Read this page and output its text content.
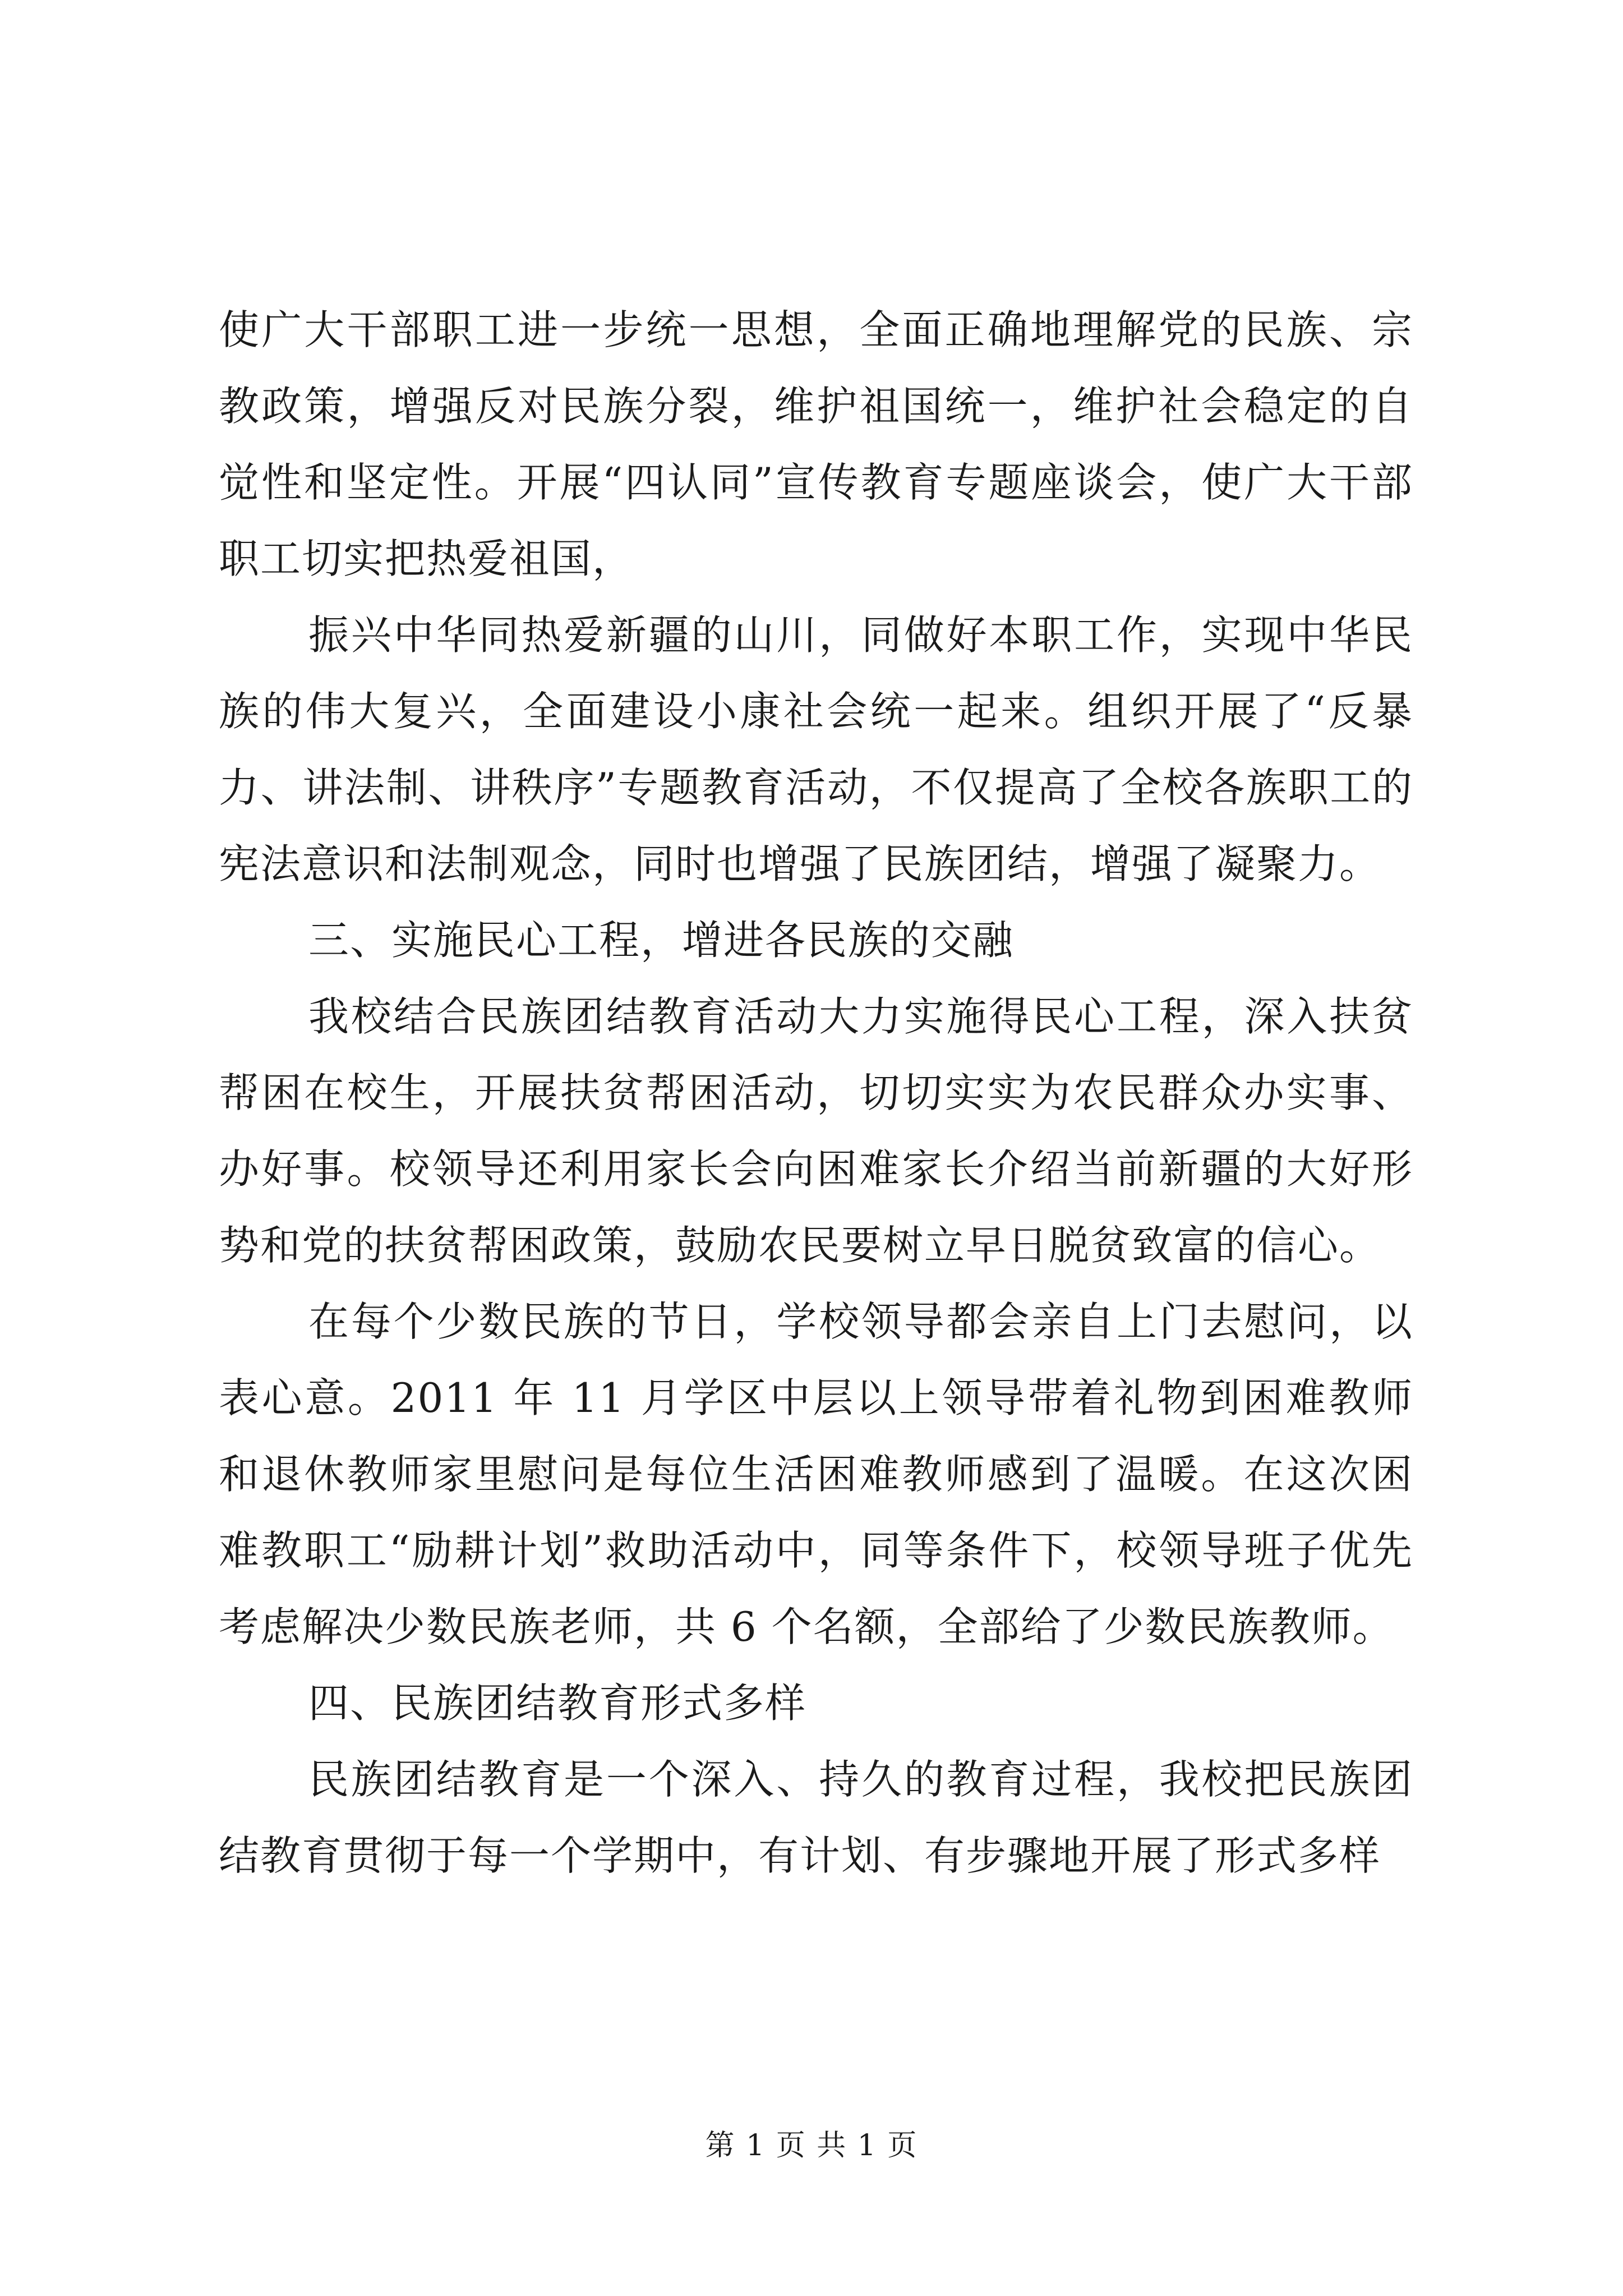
使广大干部职工进一步统一思想，全面正确地理解党的民族、宗教政策，增强反对民族分裂，维护祖国统一，维护社会稳定的自觉性和坚定性。开展“四认同”宣传教育专题座谈会，使广大干部职工切实把热爱祖国，

振兴中华同热爱新疆的山川，同做好本职工作，实现中华民族的伟大复兴，全面建设小康社会统一起来。组织开展了“反暴力、讲法制、讲秩序”专题教育活动，不仅提高了全校各族职工的宪法意识和法制观念，同时也增强了民族团结，增强了凝聚力。

三、实施民心工程，增进各民族的交融

我校结合民族团结教育活动大力实施得民心工程，深入扶贫帮困在校生，开展扶贫帮困活动，切切实实为农民群众办实事、办好事。校领导还利用家长会向困难家长介绍当前新疆的大好形势和党的扶贫帮困政策，鼓励农民要树立早日脱贫致富的信心。

在每个少数民族的节日，学校领导都会亲自上门去慰问，以表心意。2011 年 11 月学区中层以上领导带着礼物到困难教师和退休教师家里慰问是每位生活困难教师感到了温暖。在这次困难教职工“励耕计划”救助活动中，同等条件下，校领导班子优先考虑解决少数民族老师，共 6 个名额，全部给了少数民族教师。

四、民族团结教育形式多样

民族团结教育是一个深入、持久的教育过程，我校把民族团结教育贯彻于每一个学期中，有计划、有步骤地开展了形式多样

第 1 页 共 1 页
